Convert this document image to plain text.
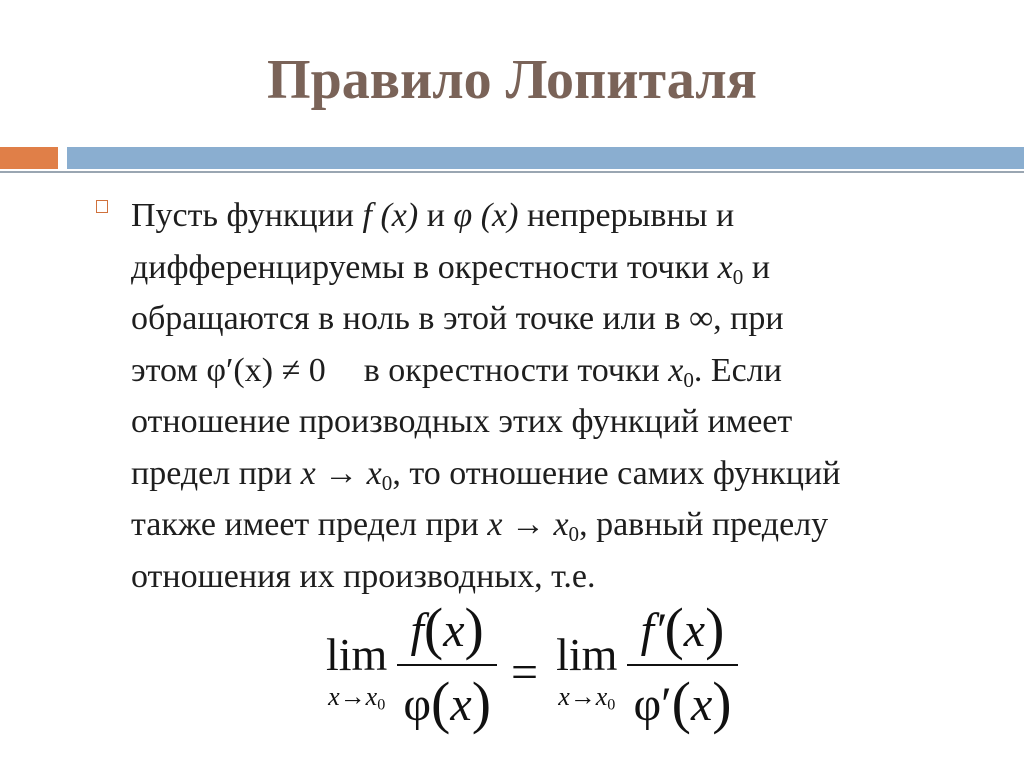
Правило Лопиталя
Пусть функции f (x) и φ (x) непрерывны и
дифференцируемы в окрестности точки $x_0$ и
обращаются в ноль в этой точке или в ∞, при
этом φ′(x) ≠ 0 в окрестности точки $x_0$. Если
отношение производных этих функций имеет
предел при $x \to x_0$, то отношение самих функций
также имеет предел при $x \to x_0$, равный пределу
отношения их производных, т.е.
lim
$x\to x_0 \frac{f(x)}{\varphi(x)} = \lim$
$x\to x_0 \frac{f'(x)}{\varphi'(x)}$
